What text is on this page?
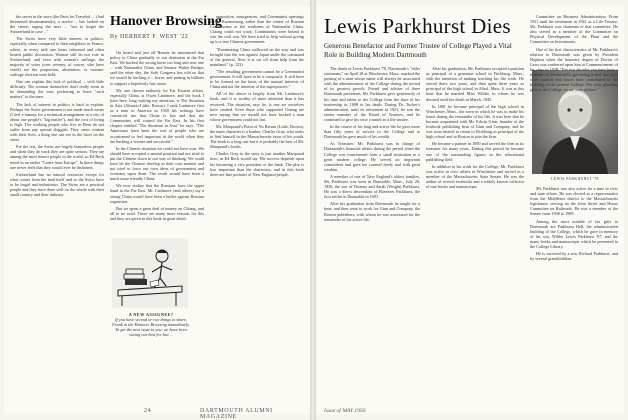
the secret in the store (the Paris for Traveled ... ) had threatened disarmament(s), a novice ... has looked on the streets urging the next ... "not to forget the Switzerland in case ..."

The Swiss have very little interest in politics, especially when compared to their neighbors in France, where, in every café one hears informed and often heated public discussion. Women still do not vote in Switzerland, and even with woman's suffrage, the majority of votes (over seventy, of course, who have voted) are the proportion, abstention, or woman-suffrage election were held.

One can explain this lack of political ... with little difficulty. The woman themselves don't really seem to be demanding the vote, preferring to leave "such matters" to the men.

The lack of interest in politics is hard to explain. Perhaps the Swiss government is not made much easier (I feel a famous for a technical arrangement in a city of about one people's "big matter"), and the cost of living is high. The working people who live in Bern do not suffer from any special sluggish. They seem content with their lives, a thing one can see in the faces on the street.

For the rest, the Swiss are largely humorless people and when they do work they are quite serious. They are among the most honest people in the world, so Ed Beck noted in an earlier "Letter from Europe". In these things one never feels that they would ever be dishonest.

Switzerland has no natural resources except for what comes from the land itself and so the Swiss have to be frugal and industrious. The Swiss are a practical people and they have done well on the whole with their small country and their industry.

Hanover Browsing
By HERBERT F. WEST '22

On board and just off Ronnie he announced that policy in China gradually to our detriment in the Far East. We backed the wrong horse too long and now one ... with Nationalist China, and Senator Walter Bridges said the other day, the Soth Congress has told us that we would be backing a ... horse, and putting in billions to support a hopelessly lost cause.

My one chosen authority for Far Eastern affairs, especially China, is Owen Lattimore, and the book I have here, long waiting my attention, is The Situation in Asia (Atlantic-Little, Brown). I rank Lattimore first as a man in America in 1949 his writings have convinced me that China is lost and that the Communists will control the Far East. In his first chapter entitled "The Situation in Asia" he says: "The Americans have been the sort of people who are accustomed to feel important in the world when they are backing a winner and successful."

In the Chinese situation we could not have won. We should have accepted a neutral position and not tried to pin the Chinese down to our way of thinking. We could have let the Chinese develop in their own manner and not tried to force our own ideas of government and economy upon them. The result would have been a much more friendly China.

We now realize that the Russians have the upper hand in the Far East. Mr. Lattimore (and others) say a strong China would have been a buffer against Russian expansion.

But we spent a great deal of money on Chiang, and all to no avail. There are many more reasons for this and they are given in this book in great detail.

A NEW ASSIGNEE?
If you have second or two things to share, Frank in the Hanover Browsing immediately. To get the next issue to you, we have been saving our best for last ...

opposition, insurgencies, and Communist uprisings to the Kuomintang, rather than the winter of Russian Communism or the weakness of Nationalist China. Chiang could not work; Communists were bound to win the civil war. We have tried to help without giving up to a true Chinese government.

"Kuomintang China wallowed on the way and was brought into the war against Japan under the command of the general. Now it is cut off from help from the mainland." (p. 123)

"The resulting government cannot be a Communist government. It will have to be a composite. It will have to be formed on the basis of the mutual interests of China and not the interests of the superpowers."

All of the above is largely from Mr. Lattimore's book, and it is worthy of more attention than it has received. The situation, says he, is one we ourselves have created. Even those who supported Chiang are now saying that we should not have backed a man whose government could not last.

Mr. Marquand's Point of No Return (Little, Brown), the main character is a banker, Charles Gray, who seeks to find himself in the Massachusetts town of his youth. The book is a long one but it is probably the best of Mr. Marquand's books.

Charles Gray in the story is just another Marquand hero, as Ed Beck would say. His success depends upon his becoming a vice president of the bank. The plot is less important than the characters, and in this book there are fine portraits of New England people.

24	DARTMOUTH ALUMNI MAGAZINE
Lewis Parkhurst Dies
Generous Benefactor and Former Trustee of College Played a Vital Role in Building Modern Dartmouth

The death of Lewis Parkhurst '78, Dartmouth's "elder statesman," on April 28 at Winchester, Mass., marked the passing of a man whose name will always be associated with the administration of the College during the period of its greatest growth. Friend and adviser of three Dartmouth presidents, Mr. Parkhurst gave generously of his time and talent to the College from the days of his trusteeship in 1908 to his death. During Dr. Tucker's administration, until its retirement in 1921, he was the senior member of the Board of Trustees, and he continued to give his wise counsel as a life trustee.

In the course of his long and active life he gave more than fifty years of service to the College and to Dartmouth he gave much of his wealth.

As Treasurer, Mr. Parkhurst was in charge of Dartmouth's financial affairs during the period when the College was transformed from a small institution to a great modern college. He served on important committees and gave his counsel freely and with great wisdom.

A member of one of New England's oldest families, Mr. Parkhurst was born in Dunstable, Mass., July 28, 1856, the son of Thomas and Sarah (Wright) Parkhurst. He was a direct descendant of Ebenezer Parkhurst, the first settler in Dunstable in 1691.

After his graduation from Dartmouth he taught for a time, and then went to work for Ginn and Company, the Boston publishers, with whom he was associated for the remainder of his active life.

After his graduation, Mr. Parkhurst accepted a position as principal of a grammar school in Fitchburg, Mass., with the intention of making teaching his life work. He served there two years, and then spent three years as principal of the high school in Athol, Mass. It was at this time that he married Miss Wilder, to whom he was devoted until her death in March, 1945.

In 1881 he became principal of the high school in Winchester, Mass., the town in which he was to make his home during the remainder of his life. It was here that he became acquainted with Mr. Edwin Ginn, founder of the textbook publishing firm of Ginn and Company, and he was soon invited to return to Fitchburg as principal of the high school and to Boston to join the firm.

He became a partner in 1890 and served the firm as its treasurer for many years. During this period he became one of the outstanding figures in the educational publishing field.

In addition to his work for the College, Mr. Parkhurst was active in civic affairs in Winchester and served as a member of the Massachusetts State Senate. He was the author of several textbooks and a widely known collector of rare books and manuscripts.

LEWIS PARKHURST '78

Mr. Parkhurst was also active for a time in civic and state affairs. He was elected as a representative from the Middlesex district to the Massachusetts legislature, serving on the Joint Street and House Committee on Railroads. He was a member of the Senate from 1908 to 1909.

Among the most notable of his gifts to Dartmouth are Parkhurst Hall, the administration building of the College, which he gave in memory of his son, Wilder Lewis Parkhurst '07, and the many books and manuscripts which he presented to the College Library.

He is survived by a son, Richard Parkhurst, and by several grandchildren.

Committee on Business Administration. From 1921 until his retirement in 1941 as a Life Trustee, Mr. Parkhurst was chairman of that committee. He also served as a member of the Committee on Physical Development of the Plant and the Committee on Investments.

One of his first characteristics of Mr. Parkhurst's relation to Dartmouth was given by President Hopkins when the honorary degree of Doctor of Laws was conferred upon him at Commencement of his class in 1928: "For two decades you have been a member of Dartmouth's governing board and your wise counsel and vision have contributed to the building of the present College. For your generous gifts to the College we are your debtors."

Issue of MAY 1950
